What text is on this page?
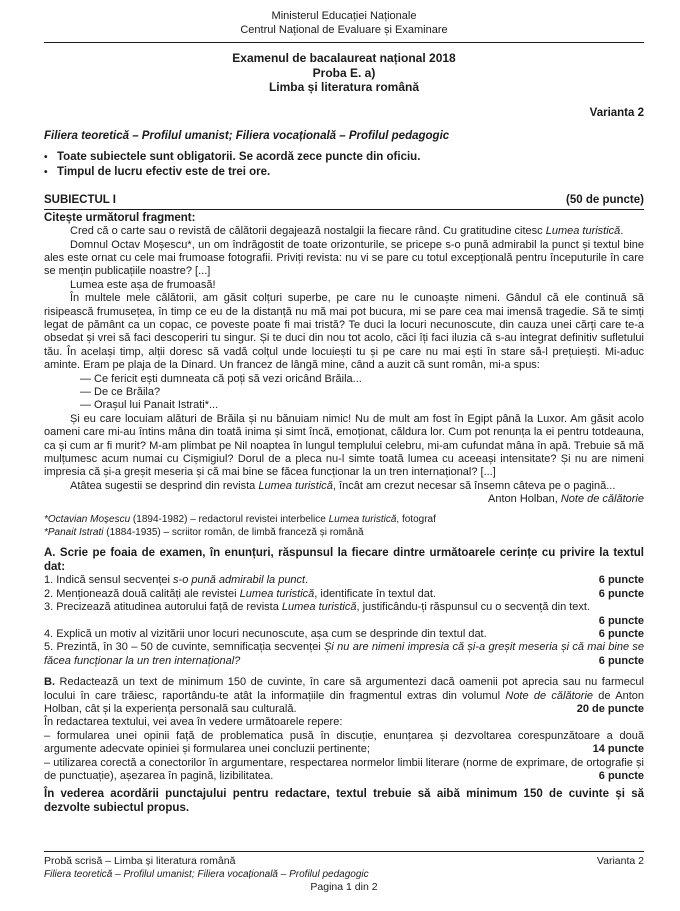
Ministerul Educației Naționale
Centrul Național de Evaluare și Examinare
Examenul de bacalaureat național 2018
Proba E. a)
Limba și literatura română
Varianta 2
Filiera teoretică – Profilul umanist; Filiera vocațională – Profilul pedagogic
• Toate subiectele sunt obligatorii. Se acordă zece puncte din oficiu.
• Timpul de lucru efectiv este de trei ore.
SUBIECTUL I	(50 de puncte)
Citește următorul fragment:
Cred că o carte sau o revistă de călătorii degajează nostalgii la fiecare rând. Cu gratitudine citesc Lumea turistică.
Domnul Octav Moșescu*, un om îndrăgostit de toate orizonturile, se pricepe s-o pună admirabil la punct și textul bine ales este ornat cu cele mai frumoase fotografii. Priviți revista: nu vi se pare cu totul excepțională pentru începuturile în care se mențin publicațiile noastre? [...]
Lumea este așa de frumoasă!
În multele mele călătorii, am găsit colțuri superbe, pe care nu le cunoaște nimeni. Gândul că ele continuă să risipească frumusețea, în timp ce eu de la distanță nu mă mai pot bucura, mi se pare cea mai imensă tragedie. Să te simți legat de pământ ca un copac, ce poveste poate fi mai tristă? Te duci la locuri necunoscute, din cauza unei cărți care te-a obsedat și vrei să faci descoperiri tu singur. Și te duci din nou tot acolo, căci îți faci iluzia că s-au integrat definitiv sufletului tău. În același timp, alții doresc să vadă colțul unde locuiești tu și pe care nu mai ești în stare să-l prețuiești. Mi-aduc aminte. Eram pe plaja de la Dinard. Un francez de lângă mine, când a auzit că sunt român, mi-a spus:
— Ce fericit ești dumneata că poți să vezi oricând Brăila...
— De ce Brăila?
— Orașul lui Panait Istrati*...
Și eu care locuiam alături de Brăila și nu bănuiam nimic! Nu de mult am fost în Egipt până la Luxor. Am găsit acolo oameni care mi-au întins mâna din toată inima și simt încă, emoționat, căldura lor. Cum pot renunța la ei pentru totdeauna, ca și cum ar fi murit? M-am plimbat pe Nil noaptea în lungul templului celebru, mi-am cufundat mâna în apă. Trebuie să mă mulțumesc acum numai cu Cișmigiul? Dorul de a pleca nu-l simte toată lumea cu aceeași intensitate? Și nu are nimeni impresia că și-a greșit meseria și că mai bine se făcea funcționar la un tren internațional? [...]
Atâtea sugestii se desprind din revista Lumea turistică, încât am crezut necesar să însemn câteva pe o pagină...
Anton Holban, Note de călătorie
*Octavian Moșescu (1894-1982) – redactorul revistei interbelice Lumea turistică, fotograf
*Panait Istrati (1884-1935) – scriitor român, de limbă franceză și română
A. Scrie pe foaia de examen, în enunțuri, răspunsul la fiecare dintre următoarele cerințe cu privire la textul dat:
1. Indică sensul secvenței s-o pună admirabil la punct.	6 puncte
2. Menționează două calități ale revistei Lumea turistică, identificate în textul dat.	6 puncte
3. Precizează atitudinea autorului față de revista Lumea turistică, justificându-ți răspunsul cu o secvență din text.
6 puncte
4. Explică un motiv al vizitării unor locuri necunoscute, așa cum se desprinde din textul dat.	6 puncte
5. Prezintă, în 30 – 50 de cuvinte, semnificația secvenței Și nu are nimeni impresia că și-a greșit meseria și că mai bine se făcea funcționar la un tren internațional?	6 puncte
B. Redactează un text de minimum 150 de cuvinte, în care să argumentezi dacă oamenii pot aprecia sau nu farmecul locului în care trăiesc, raportându-te atât la informațiile din fragmentul extras din volumul Note de călătorie de Anton Holban, cât și la experiența personală sau culturală.	20 de puncte
În redactarea textului, vei avea în vedere următoarele repere:
– formularea unei opinii față de problematica pusă în discuție, enunțarea și dezvoltarea corespunzătoare a două argumente adecvate opiniei și formularea unei concluzii pertinente;	14 puncte
– utilizarea corectă a conectorilor în argumentare, respectarea normelor limbii literare (norme de exprimare, de ortografie și de punctuație), așezarea în pagină, lizibilitatea.	6 puncte
În vederea acordării punctajului pentru redactare, textul trebuie să aibă minimum 150 de cuvinte și să dezvolte subiectul propus.
Probă scrisă – Limba și literatura română	Varianta 2
Filiera teoretică – Profilul umanist; Filiera vocațională – Profilul pedagogic
Pagina 1 din 2
